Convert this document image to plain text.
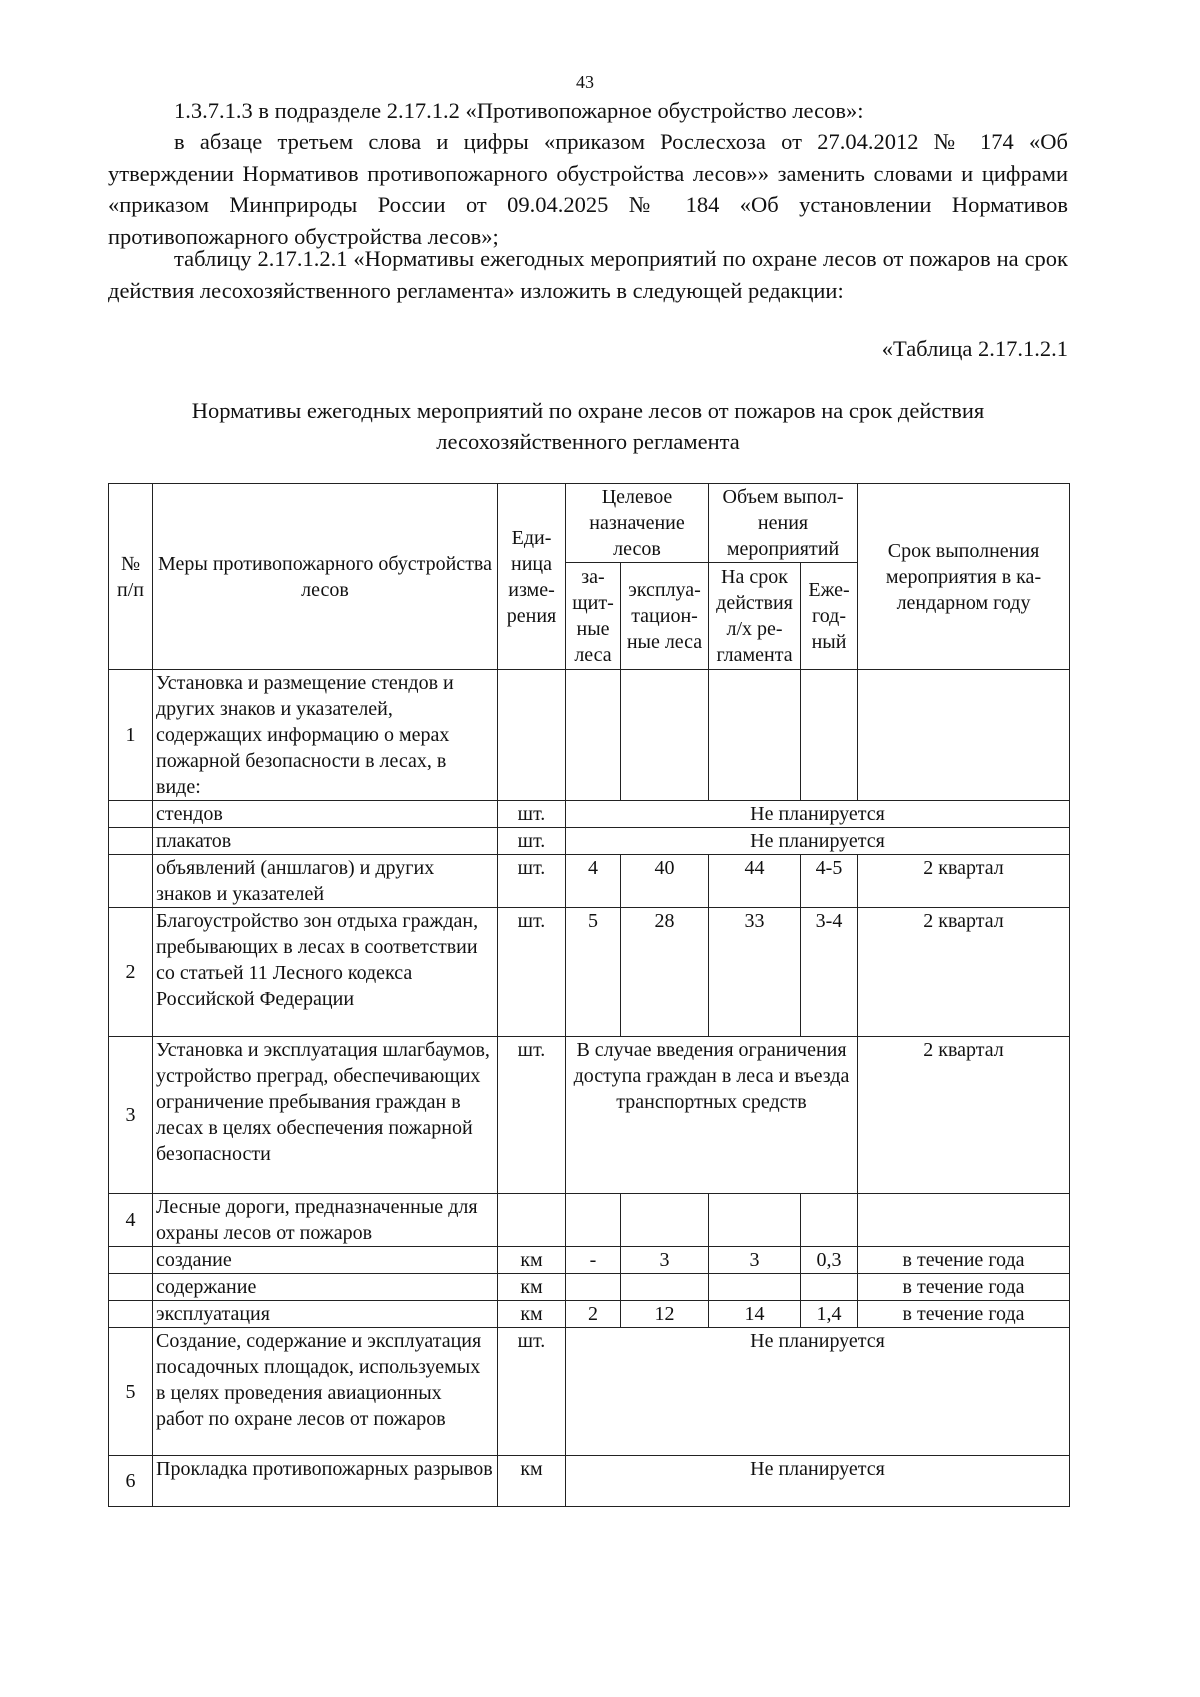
43
1.3.7.1.3 в подразделе 2.17.1.2 «Противопожарное обустройство лесов»:
в абзаце третьем слова и цифры «приказом Рослесхоза от 27.04.2012 № 174 «Об утверждении Нормативов противопожарного обустройства лесов»» заменить словами и цифрами «приказом Минприроды России от 09.04.2025 № 184 «Об установлении Нормативов противопожарного обустройства лесов»;
таблицу 2.17.1.2.1 «Нормативы ежегодных мероприятий по охране лесов от пожаров на срок действия лесохозяйственного регламента» изложить в следующей редакции:
«Таблица 2.17.1.2.1
Нормативы ежегодных мероприятий по охране лесов от пожаров на срок действия лесохозяйственного регламента
№ п/п	Меры противопожарного обустройства лесов	Еди-ница изме-рения	Целевое назначение лесов		Объем выпол-нения мероприятий		Срок выполнения мероприятия в ка-лендарном году
			за-щит-ные леса	эксплуа-тацион-ные леса	На срок действия л/х ре-гламента	Еже-год-ный	
1	Установка и размещение стендов и других знаков и указателей, содержащих информацию о мерах пожарной безопасности в лесах, в виде:						
	стендов	шт.	Не планируется				
	плакатов	шт.	Не планируется				
	объявлений (аншлагов) и других знаков и указателей	шт.	4	40	44	4-5	2 квартал
2	Благоустройство зон отдыха граждан, пребывающих в лесах в соответствии со статьей 11 Лесного кодекса Российской Федерации	шт.	5	28	33	3-4	2 квартал
3	Установка и эксплуатация шлагбаумов, устройство преград, обеспечивающих ограничение пребывания граждан в лесах в целях обеспечения пожарной безопасности	шт.	В случае введения ограничения доступа граждан в леса и въезда транспортных средств				2 квартал
4	Лесные дороги, предназначенные для охраны лесов от пожаров						
	создание	км	-	3	3	0,3	в течение года
	содержание	км					в течение года
	эксплуатация	км	2	12	14	1,4	в течение года
5	Создание, содержание и эксплуатация посадочных площадок, используемых в целях проведения авиационных работ по охране лесов от пожаров	шт.	Не планируется				
6	Прокладка противопожарных разрывов	км	Не планируется				
